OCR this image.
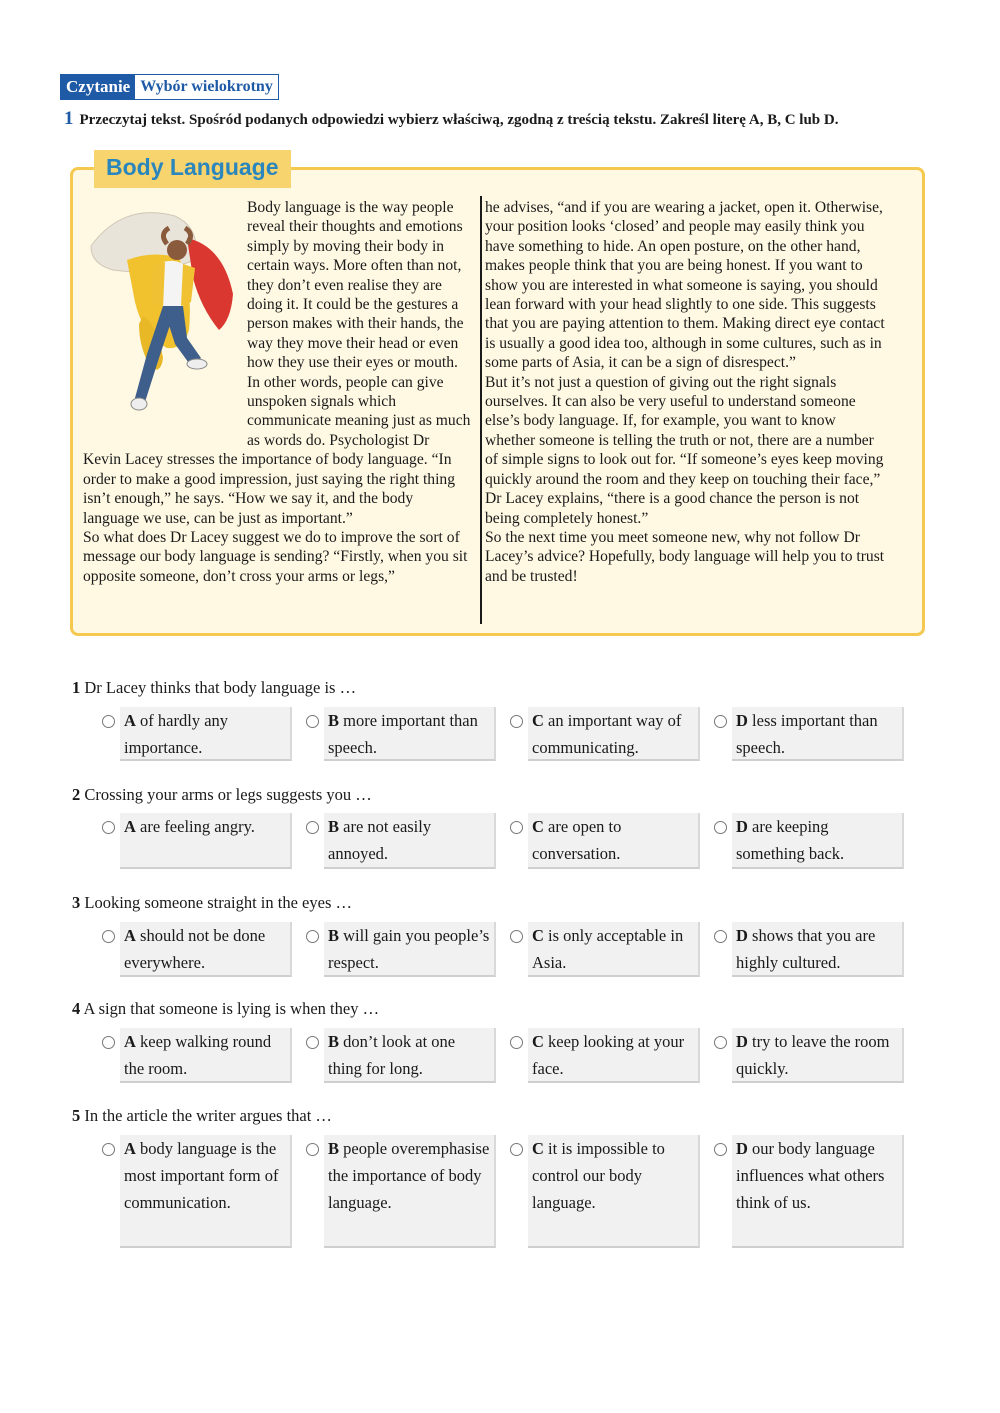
Czytanie Wybór wielokrotny
1 Przeczytaj tekst. Spośród podanych odpowiedzi wybierz właściwą, zgodną z treścią tekstu. Zakreśl literę A, B, C lub D.
Body Language

Body language is the way people reveal their thoughts and emotions simply by moving their body in certain ways. More often than not, they don’t even realise they are doing it. It could be the gestures a person makes with their hands, the way they move their head or even how they use their eyes or mouth. In other words, people can give unspoken signals which communicate meaning just as much as words do. Psychologist Dr Kevin Lacey stresses the importance of body language. “In order to make a good impression, just saying the right thing isn’t enough,” he says. “How we say it, and the body language we use, can be just as important.”

So what does Dr Lacey suggest we do to improve the sort of message our body language is sending? “Firstly, when you sit opposite someone, don’t cross your arms or legs,”

he advises, “and if you are wearing a jacket, open it. Otherwise, your position looks ‘closed’ and people may easily think you have something to hide. An open posture, on the other hand, makes people think that you are being honest. If you want to show you are interested in what someone is saying, you should lean forward with your head slightly to one side. This suggests that you are paying attention to them. Making direct eye contact is usually a good idea too, although in some cultures, such as in some parts of Asia, it can be a sign of disrespect.”

But it’s not just a question of giving out the right signals ourselves. It can also be very useful to understand someone else’s body language. If, for example, you want to know whether someone is telling the truth or not, there are a number of simple signs to look out for. “If someone’s eyes keep moving quickly around the room and they keep on touching their face,” Dr Lacey explains, “there is a good chance the person is not being completely honest.”

So the next time you meet someone new, why not follow Dr Lacey’s advice? Hopefully, body language will help you to trust and be trusted!

1 Dr Lacey thinks that body language is …
A of hardly any importance.
B more important than speech.
C an important way of communicating.
D less important than speech.
2 Crossing your arms or legs suggests you …
A are feeling angry.	B are not easily annoyed.
C are open to conversation.
D are keeping something back.
3 Looking someone straight in the eyes …
A should not be done everywhere.
B will gain you people’s respect.
C is only acceptable in Asia.
D shows that you are highly cultured.
4 A sign that someone is lying is when they …
A keep walking round the room.
B don’t look at one thing for long.
C keep looking at your face.
D try to leave the room quickly.
5 In the article the writer argues that …
A body language is the most important form of communication.
B people overemphasise the importance of body language.
C it is impossible to control our body language.
D our body language influences what others think of us.
